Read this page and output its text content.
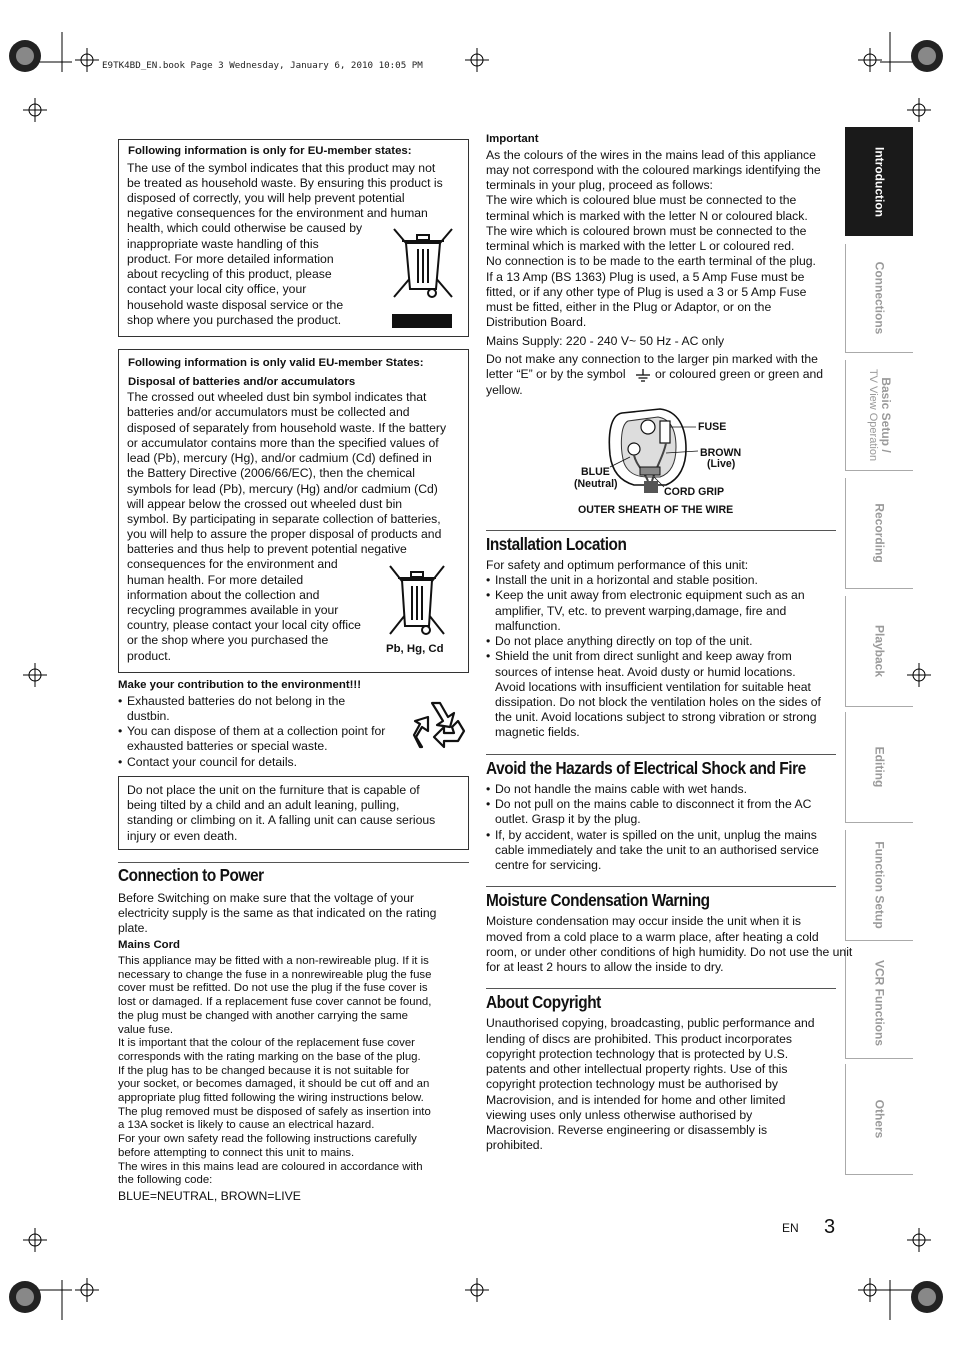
E9TK4BD_EN.book Page 3 Wednesday, January 6, 2010 10:05 PM
Introduction
Connections
Basic Setup /
TV View Operation
Recording
Playback
Editing
Function Setup
VCR Functions
Others
Following information is only for EU-member states:
The use of the symbol indicates that this product may not
be treated as household waste. By ensuring this product is
disposed of correctly, you will help prevent potential
negative consequences for the environment and human
health, which could otherwise be caused by
inappropriate waste handling of this
product. For more detailed information
about recycling of this product, please
contact your local city office, your
household waste disposal service or the
shop where you purchased the product.
Following information is only valid EU-member States:
Disposal of batteries and/or accumulators
The crossed out wheeled dust bin symbol indicates that
batteries and/or accumulators must be collected and
disposed of separately from household waste. If the battery
or accumulator contains more than the specified values of
lead (Pb), mercury (Hg), and/or cadmium (Cd) defined in
the Battery Directive (2006/66/EC), then the chemical
symbols for lead (Pb), mercury (Hg) and/or cadmium (Cd)
will appear below the crossed out wheeled dust bin
symbol. By participating in separate collection of batteries,
you will help to assure the proper disposal of products and
batteries and thus help to prevent potential negative
consequences for the environment and
human health. For more detailed
information about the collection and
recycling programmes available in your
country, please contact your local city office
or the shop where you purchased the
product.	Pb, Hg, Cd
Make your contribution to the environment!!!
• Exhausted batteries do not belong in the
dustbin.
• You can dispose of them at a collection point for
exhausted batteries or special waste.
• Contact your council for details.
Do not place the unit on the furniture that is capable of
being tilted by a child and an adult leaning, pulling,
standing or climbing on it. A falling unit can cause serious
injury or even death.
Connection to Power
Before Switching on make sure that the voltage of your
electricity supply is the same as that indicated on the rating
plate.
Mains Cord
This appliance may be fitted with a non-rewireable plug. If it is
necessary to change the fuse in a nonrewireable plug the fuse
cover must be refitted. Do not use the plug if the fuse cover is
lost or damaged. If a replacement fuse cover cannot be found,
the plug must be changed with another carrying the same
value fuse.
It is important that the colour of the replacement fuse cover
corresponds with the rating marking on the base of the plug.
If the plug has to be changed because it is not suitable for
your socket, or becomes damaged, it should be cut off and an
appropriate plug fitted following the wiring instructions below.
The plug removed must be disposed of safely as insertion into
a 13A socket is likely to cause an electrical hazard.
For your own safety read the following instructions carefully
before attempting to connect this unit to mains.
The wires in this mains lead are coloured in accordance with
the following code:
BLUE=NEUTRAL, BROWN=LIVE
Important
As the colours of the wires in the mains lead of this appliance
may not correspond with the coloured markings identifying the
terminals in your plug, proceed as follows:
The wire which is coloured blue must be connected to the
terminal which is marked with the letter N or coloured black.
The wire which is coloured brown must be connected to the
terminal which is marked with the letter L or coloured red.
No connection is to be made to the earth terminal of the plug.
If a 13 Amp (BS 1363) Plug is used, a 5 Amp Fuse must be
fitted, or if any other type of Plug is used a 3 or 5 Amp Fuse
must be fitted, either in the Plug or Adaptor, or on the
Distribution Board.
Mains Supply: 220 - 240 V~ 50 Hz - AC only
Do not make any connection to the larger pin marked with the
letter “E” or by the symbol or coloured green or green and
yellow.
FUSE
BROWN
(Live)
BLUE
(Neutral)
CORD GRIP
OUTER SHEATH OF THE WIRE
Installation Location
For safety and optimum performance of this unit:
• Install the unit in a horizontal and stable position.
• Keep the unit away from electronic equipment such as an
amplifier, TV, etc. to prevent warping,damage, fire and
malfunction.
• Do not place anything directly on top of the unit.
• Shield the unit from direct sunlight and keep away from
sources of intense heat. Avoid dusty or humid locations.
Avoid locations with insufficient ventilation for suitable heat
dissipation. Do not block the ventilation holes on the sides of
the unit. Avoid locations subject to strong vibration or strong
magnetic fields.
Avoid the Hazards of Electrical Shock and Fire
• Do not handle the mains cable with wet hands.
• Do not pull on the mains cable to disconnect it from the AC
outlet. Grasp it by the plug.
• If, by accident, water is spilled on the unit, unplug the mains
cable immediately and take the unit to an authorised service
centre for servicing.
Moisture Condensation Warning
Moisture condensation may occur inside the unit when it is
moved from a cold place to a warm place, after heating a cold
room, or under other conditions of high humidity. Do not use the unit
for at least 2 hours to allow the inside to dry.
About Copyright
Unauthorised copying, broadcasting, public performance and
lending of discs are prohibited. This product incorporates
copyright protection technology that is protected by U.S.
patents and other intellectual property rights. Use of this
copyright protection technology must be authorised by
Macrovision, and is intended for home and other limited
viewing uses only unless otherwise authorised by
Macrovision. Reverse engineering or disassembly is
prohibited.
EN 3
